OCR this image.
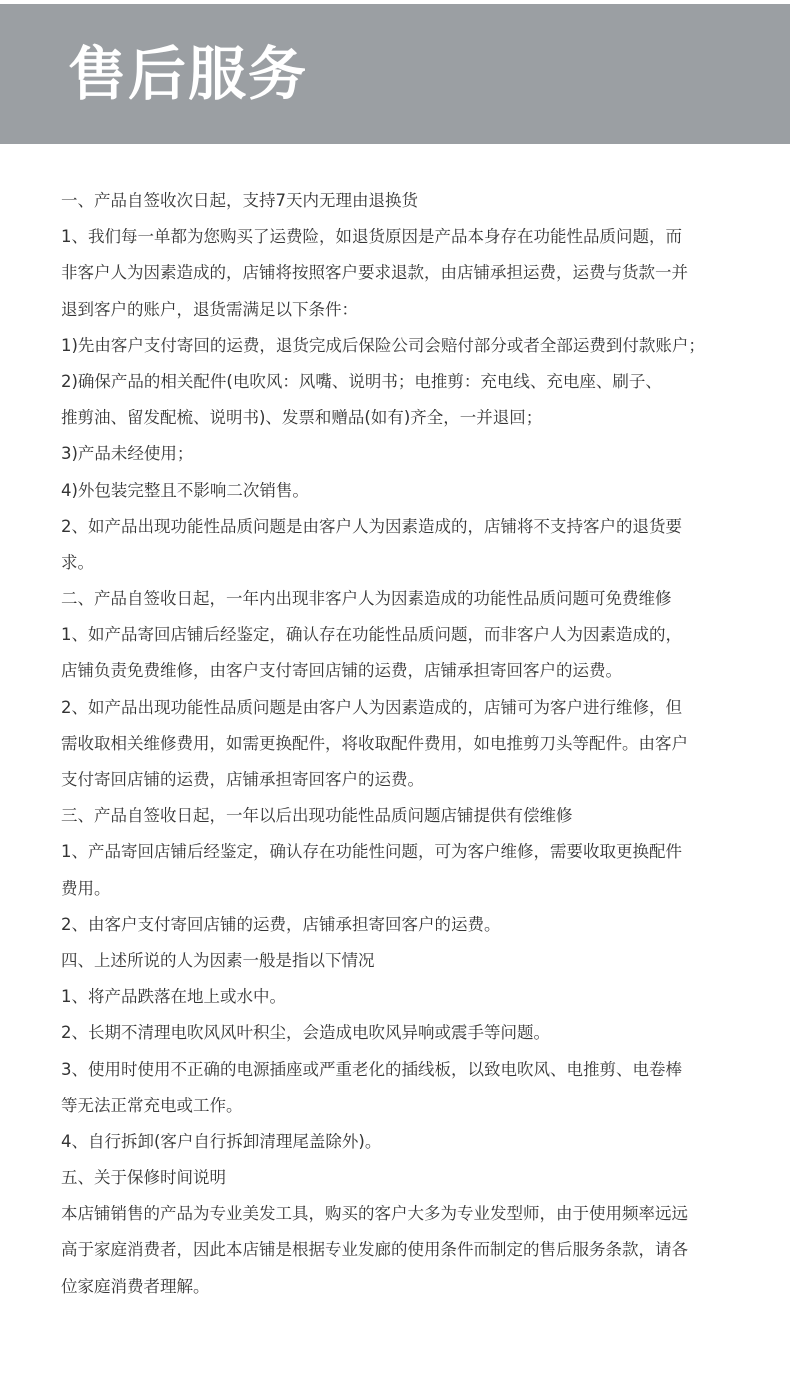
售后服务
一、产品自签收次日起，支持7天内无理由退换货
1、我们每一单都为您购买了运费险，如退货原因是产品本身存在功能性品质问题，而
非客户人为因素造成的，店铺将按照客户要求退款，由店铺承担运费，运费与货款一并
退到客户的账户，退货需满足以下条件：
1)先由客户支付寄回的运费，退货完成后保险公司会赔付部分或者全部运费到付款账户；
2)确保产品的相关配件(电吹风：风嘴、说明书；电推剪：充电线、充电座、刷子、
推剪油、留发配梳、说明书)、发票和赠品(如有)齐全，一并退回；
3)产品未经使用；
4)外包装完整且不影响二次销售。
2、如产品出现功能性品质问题是由客户人为因素造成的，店铺将不支持客户的退货要
求。
二、产品自签收日起，一年内出现非客户人为因素造成的功能性品质问题可免费维修
1、如产品寄回店铺后经鉴定，确认存在功能性品质问题，而非客户人为因素造成的，
店铺负责免费维修，由客户支付寄回店铺的运费，店铺承担寄回客户的运费。
2、如产品出现功能性品质问题是由客户人为因素造成的，店铺可为客户进行维修，但
需收取相关维修费用，如需更换配件，将收取配件费用，如电推剪刀头等配件。由客户
支付寄回店铺的运费，店铺承担寄回客户的运费。
三、产品自签收日起，一年以后出现功能性品质问题店铺提供有偿维修
1、产品寄回店铺后经鉴定，确认存在功能性问题，可为客户维修，需要收取更换配件
费用。
2、由客户支付寄回店铺的运费，店铺承担寄回客户的运费。
四、上述所说的人为因素一般是指以下情况
1、将产品跌落在地上或水中。
2、长期不清理电吹风风叶积尘，会造成电吹风异响或震手等问题。
3、使用时使用不正确的电源插座或严重老化的插线板，以致电吹风、电推剪、电卷棒
等无法正常充电或工作。
4、自行拆卸(客户自行拆卸清理尾盖除外)。
五、关于保修时间说明
本店铺销售的产品为专业美发工具，购买的客户大多为专业发型师，由于使用频率远远
高于家庭消费者，因此本店铺是根据专业发廊的使用条件而制定的售后服务条款，请各
位家庭消费者理解。
